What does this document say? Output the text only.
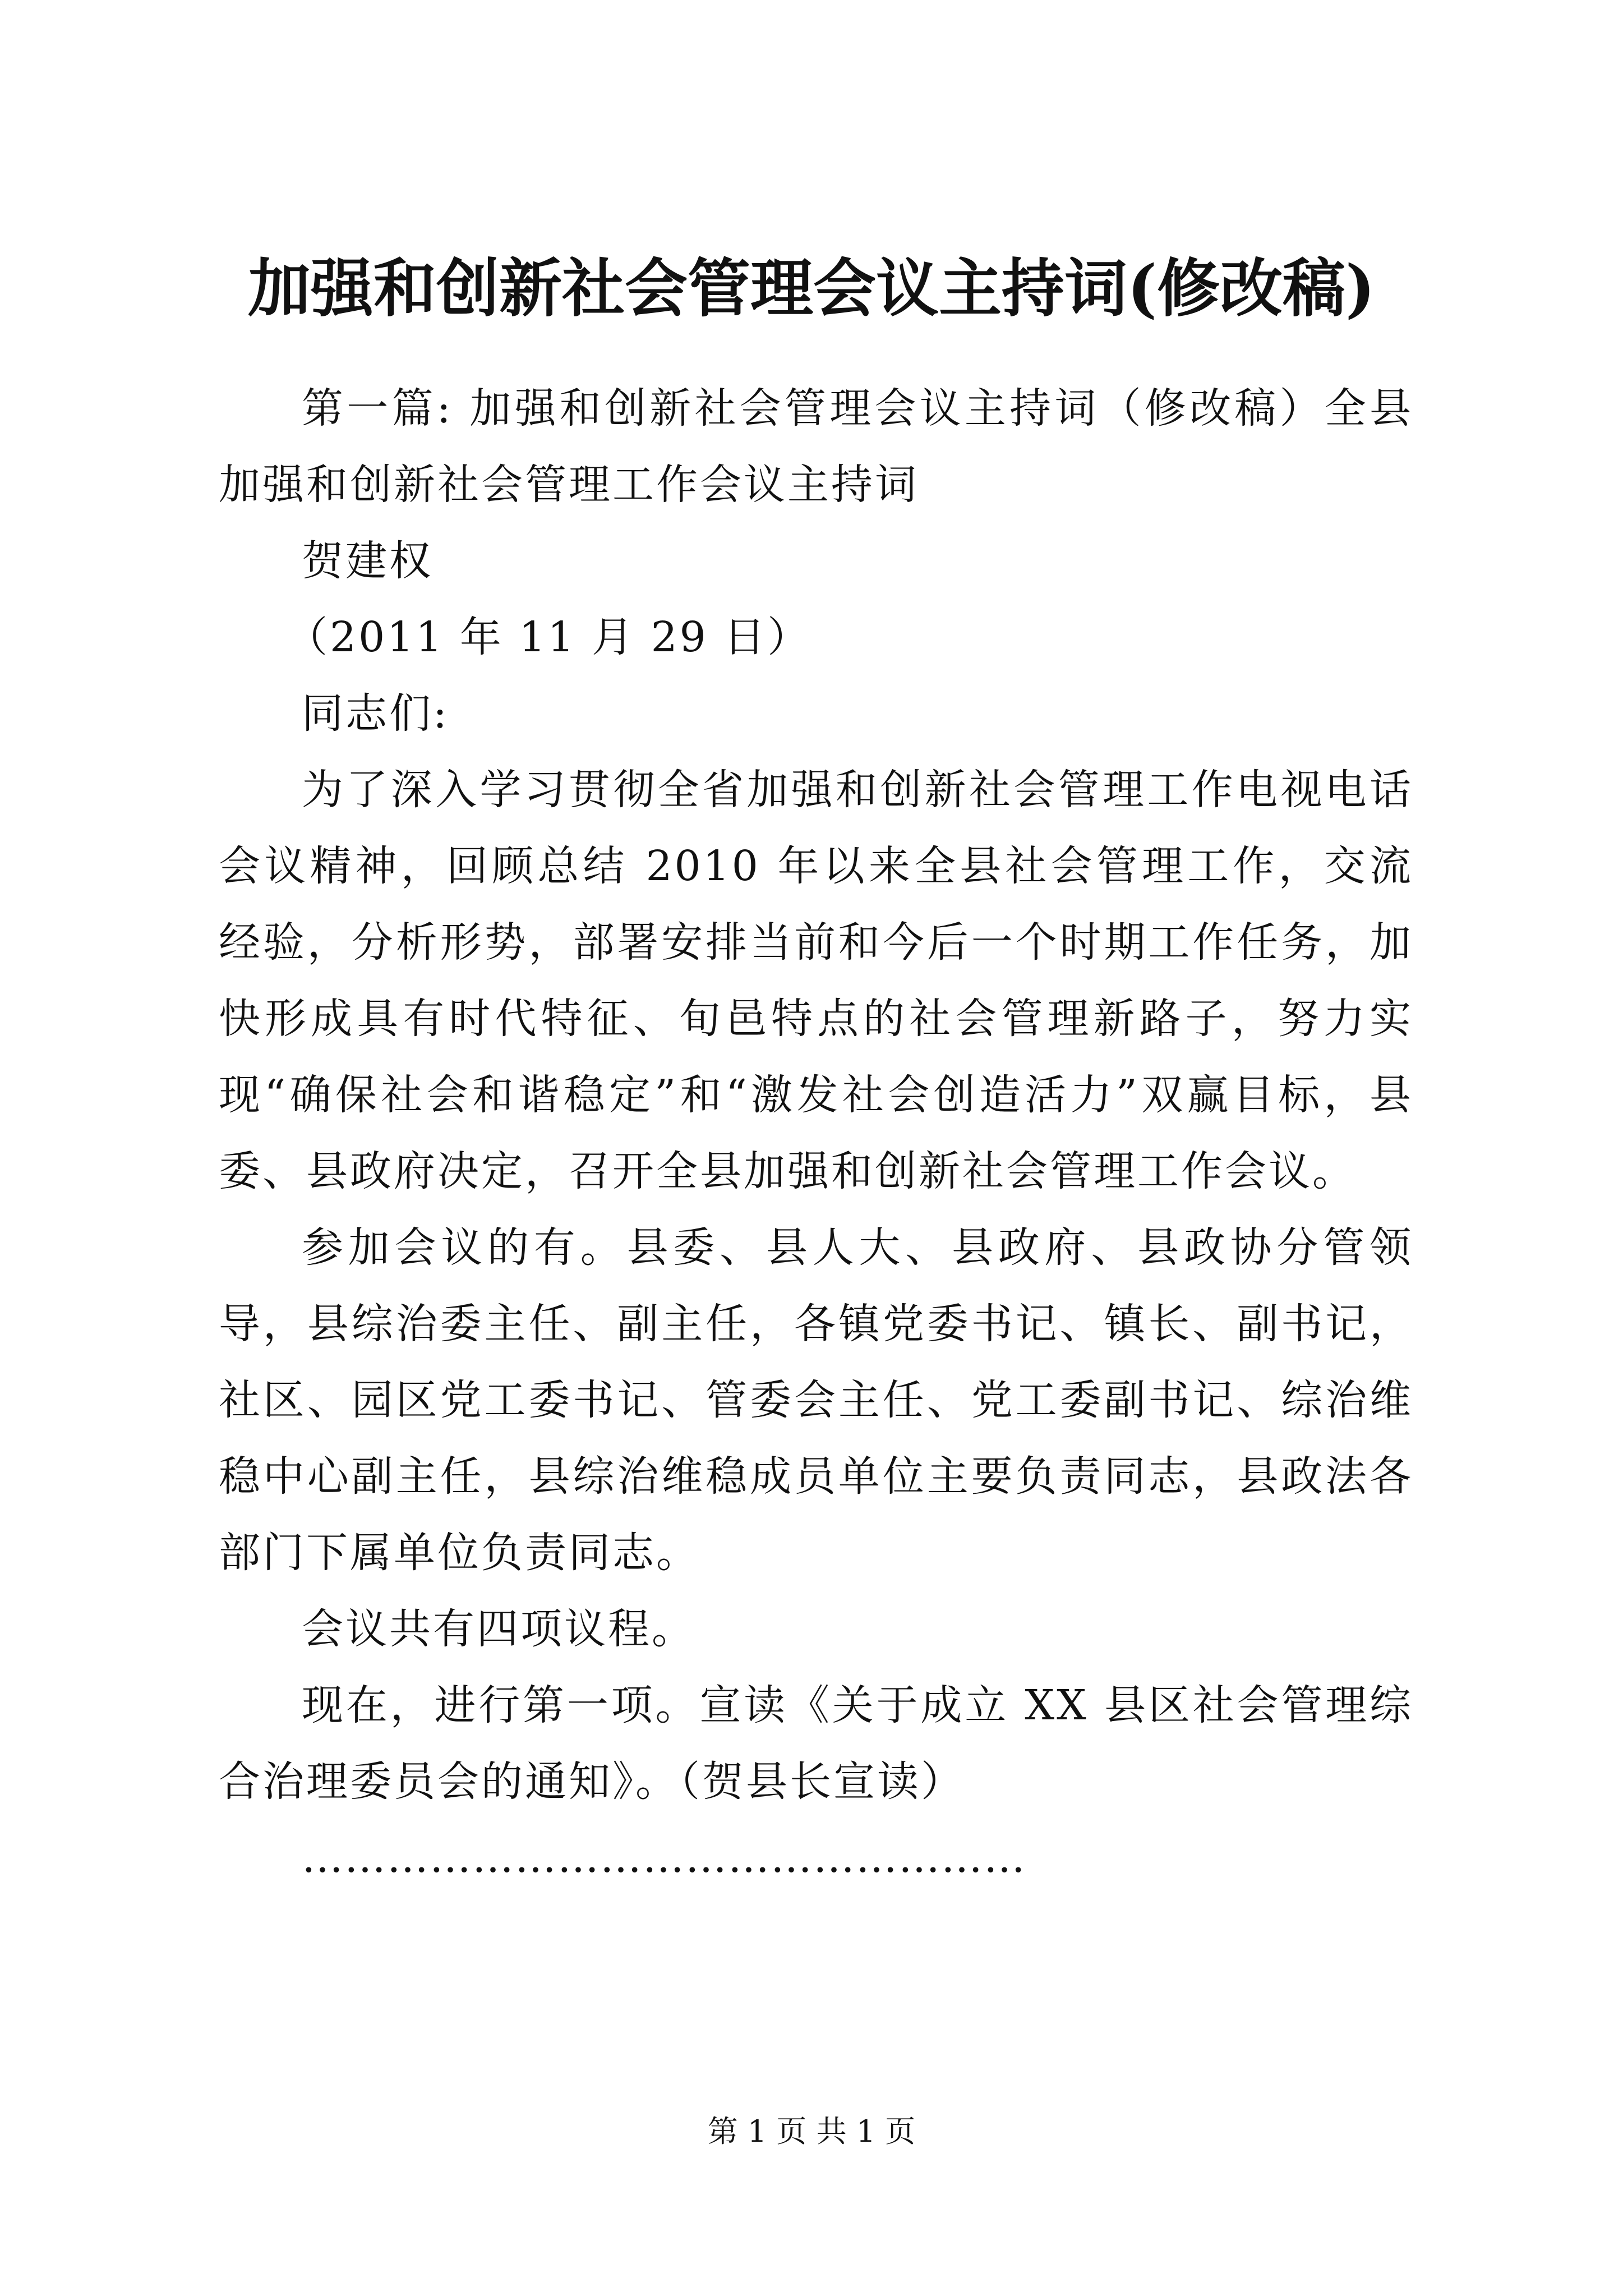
加强和创新社会管理会议主持词(修改稿)

第一篇: 加强和创新社会管理会议主持词（修改稿）全县加强和创新社会管理工作会议主持词

贺建权

（2011 年 11 月 29 日）

同志们:

为了深入学习贯彻全省加强和创新社会管理工作电视电话会议精神，回顾总结 2010 年以来全县社会管理工作，交流经验，分析形势，部署安排当前和今后一个时期工作任务，加快形成具有时代特征、旬邑特点的社会管理新路子，努力实现“确保社会和谐稳定”和“激发社会创造活力”双赢目标，县委、县政府决定，召开全县加强和创新社会管理工作会议。

参加会议的有。县委、县人大、县政府、县政协分管领导，县综治委主任、副主任，各镇党委书记、镇长、副书记，社区、园区党工委书记、管委会主任、党工委副书记、综治维稳中心副主任，县综治维稳成员单位主要负责同志，县政法各部门下属单位负责同志。

会议共有四项议程。

现在，进行第一项。宣读《关于成立 XX 县区社会管理综合治理委员会的通知》。（贺县长宣读）

……………………………………………

第 1 页 共 1 页
